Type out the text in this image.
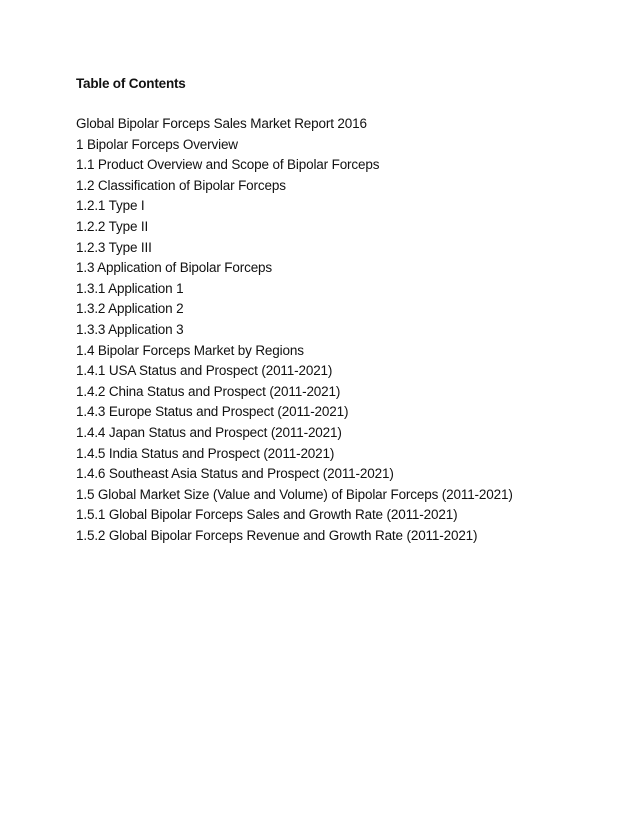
Table of Contents
Global Bipolar Forceps Sales Market Report 2016
1 Bipolar Forceps Overview
1.1 Product Overview and Scope of Bipolar Forceps
1.2 Classification of Bipolar Forceps
1.2.1 Type I
1.2.2 Type II
1.2.3 Type III
1.3 Application of Bipolar Forceps
1.3.1 Application 1
1.3.2 Application 2
1.3.3 Application 3
1.4 Bipolar Forceps Market by Regions
1.4.1 USA Status and Prospect (2011-2021)
1.4.2 China Status and Prospect (2011-2021)
1.4.3 Europe Status and Prospect (2011-2021)
1.4.4 Japan Status and Prospect (2011-2021)
1.4.5 India Status and Prospect (2011-2021)
1.4.6 Southeast Asia Status and Prospect (2011-2021)
1.5 Global Market Size (Value and Volume) of Bipolar Forceps (2011-2021)
1.5.1 Global Bipolar Forceps Sales and Growth Rate (2011-2021)
1.5.2 Global Bipolar Forceps Revenue and Growth Rate (2011-2021)
